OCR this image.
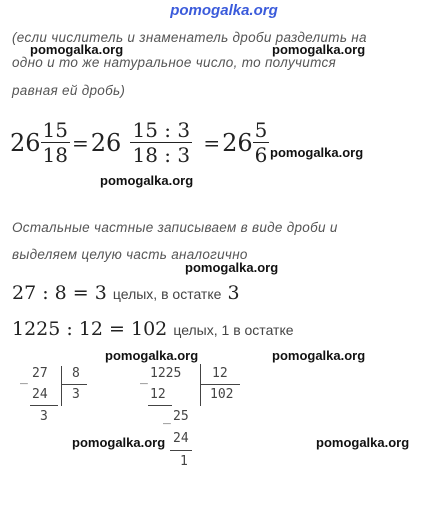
pomogalka.org
(если числитель и знаменатель дроби разделить на
одно и то же натуральное число, то получится
равная ей дробь)
pomogalka.org	pomogalka.org
$26 \frac{15}{18} = 26 \frac{15 : 3}{18 : 3} = 26 \frac{5}{6}$ pomogalka.org
pomogalka.org
Остальные частные записываем в виде дроби и
выделяем целую часть аналогично
pomogalka.org
27 : 8 = 3 целых, в остатке 3
1225 : 12 = 102 целых, 1 в остатке
pomogalka.org	pomogalka.org
_ 27 8
24 3
3
_ 1225 12
12	102
_ 25
24
1
pomogalka.org	pomogalka.org
